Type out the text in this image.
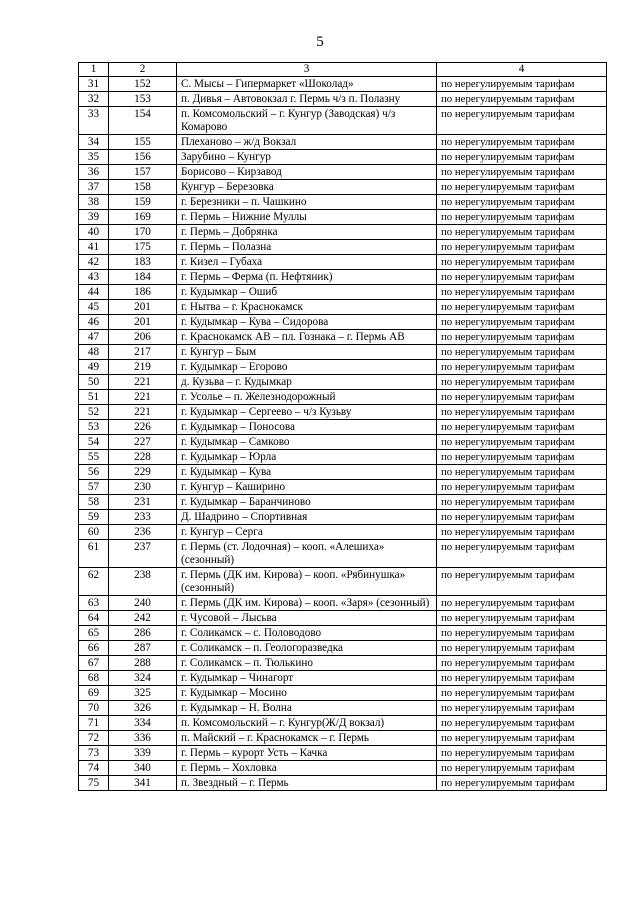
5
1	2	3	4
31	152	С. Мысы – Гипермаркет «Шоколад»	по нерегулируемым тарифам
32	153	п. Дивья – Автовокзал г. Пермь ч/з п. Полазну	по нерегулируемым тарифам
33	154	п. Комсомольский – г. Кунгур (Заводская) ч/з Комарово	по нерегулируемым тарифам
34	155	Плеханово – ж/д Вокзал	по нерегулируемым тарифам
35	156	Зарубино – Кунгур	по нерегулируемым тарифам
36	157	Борисово – Кирзавод	по нерегулируемым тарифам
37	158	Кунгур – Березовка	по нерегулируемым тарифам
38	159	г. Березники – п. Чашкино	по нерегулируемым тарифам
39	169	г. Пермь – Нижние Муллы	по нерегулируемым тарифам
40	170	г. Пермь – Добрянка	по нерегулируемым тарифам
41	175	г. Пермь – Полазна	по нерегулируемым тарифам
42	183	г. Кизел – Губаха	по нерегулируемым тарифам
43	184	г. Пермь – Ферма (п. Нефтяник)	по нерегулируемым тарифам
44	186	г. Кудымкар – Ошиб	по нерегулируемым тарифам
45	201	г. Нытва – г. Краснокамск	по нерегулируемым тарифам
46	201	г. Кудымкар – Кува – Сидорова	по нерегулируемым тарифам
47	206	г. Краснокамск АВ – пл. Гознака – г. Пермь АВ	по нерегулируемым тарифам
48	217	г. Кунгур – Бым	по нерегулируемым тарифам
49	219	г. Кудымкар – Егорово	по нерегулируемым тарифам
50	221	д. Кузьва – г. Кудымкар	по нерегулируемым тарифам
51	221	г. Усолье – п. Железнодорожный	по нерегулируемым тарифам
52	221	г. Кудымкар – Сергеево – ч/з Кузьву	по нерегулируемым тарифам
53	226	г. Кудымкар – Поносова	по нерегулируемым тарифам
54	227	г. Кудымкар – Самково	по нерегулируемым тарифам
55	228	г. Кудымкар – Юрла	по нерегулируемым тарифам
56	229	г. Кудымкар – Кува	по нерегулируемым тарифам
57	230	г. Кунгур – Каширино	по нерегулируемым тарифам
58	231	г. Кудымкар – Баранчиново	по нерегулируемым тарифам
59	233	Д. Шадрино – Спортивная	по нерегулируемым тарифам
60	236	г. Кунгур – Серга	по нерегулируемым тарифам
61	237	г. Пермь (ст. Лодочная) – кооп. «Алешиха» (сезонный)	по нерегулируемым тарифам
62	238	г. Пермь (ДК им. Кирова) – кооп. «Рябинушка» (сезонный)	по нерегулируемым тарифам
63	240	г. Пермь (ДК им. Кирова) – кооп. «Заря» (сезонный)	по нерегулируемым тарифам
64	242	г. Чусовой – Лысьва	по нерегулируемым тарифам
65	286	г. Соликамск – с. Половодово	по нерегулируемым тарифам
66	287	г. Соликамск – п. Геологоразведка	по нерегулируемым тарифам
67	288	г. Соликамск – п. Тюлькино	по нерегулируемым тарифам
68	324	г. Кудымкар – Чинагорт	по нерегулируемым тарифам
69	325	г. Кудымкар – Мосино	по нерегулируемым тарифам
70	326	г. Кудымкар – Н. Волна	по нерегулируемым тарифам
71	334	п. Комсомольский – г. Кунгур(Ж/Д вокзал)	по нерегулируемым тарифам
72	336	п. Майский – г. Краснокамск – г. Пермь	по нерегулируемым тарифам
73	339	г. Пермь – курорт Усть – Качка	по нерегулируемым тарифам
74	340	г. Пермь – Хохловка	по нерегулируемым тарифам
75	341	п. Звездный – г. Пермь	по нерегулируемым тарифам
